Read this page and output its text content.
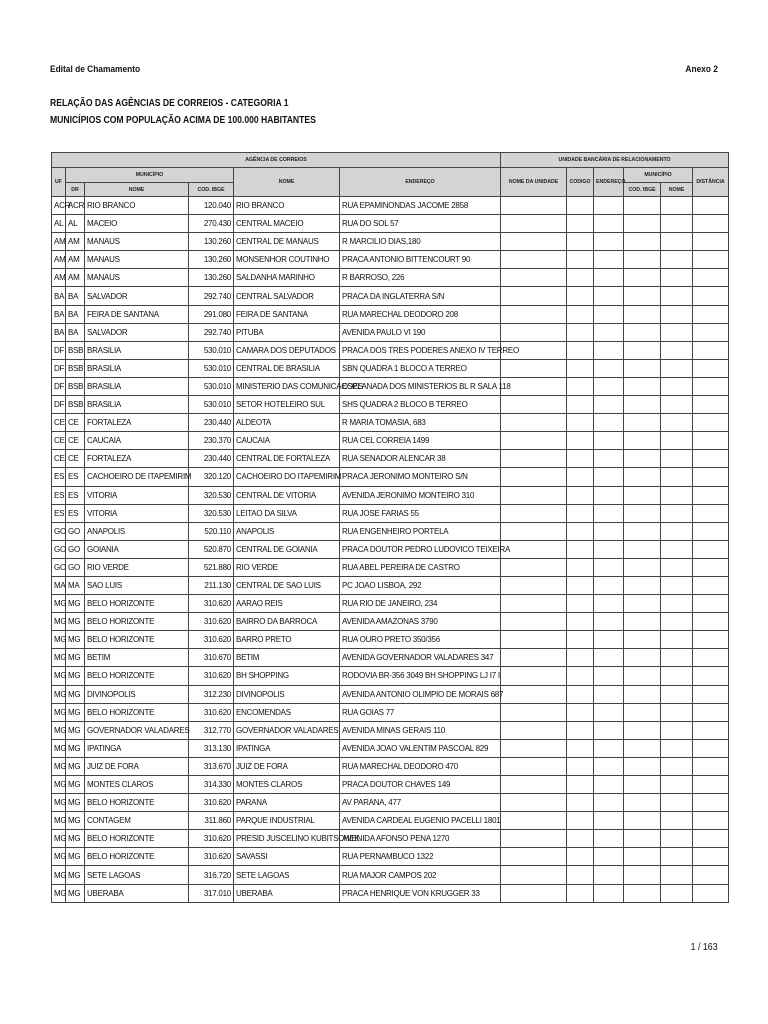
Edital de Chamamento	Anexo 2
RELAÇÃO DAS AGÊNCIAS DE CORREIOS - CATEGORIA 1
MUNICÍPIOS COM POPULAÇÃO ACIMA DE 100.000 HABITANTES
AGÊNCIA DE CORREIOS						UNIDADE BANCÁRIA DE RELACIONAMENTO					
UF	MUNICÍPIO			NOME	ENDEREÇO	NOME DA UNIDADE	CODIGO	ENDEREÇO	MUNICÍPIO		DISTÂNCIA
	DR	NOME	COD. IBGE						COD. IBGE	NOME	
ACR	ACR	RIO BRANCO	120.040	RIO BRANCO	RUA EPAMINONDAS JACOME 2858						
AL	AL	MACEIO	270.430	CENTRAL MACEIO	RUA DO SOL 57						
AM	AM	MANAUS	130.260	CENTRAL DE MANAUS	R MARCILIO DIAS,180						
AM	AM	MANAUS	130.260	MONSENHOR COUTINHO	PRACA ANTONIO BITTENCOURT 90						
AM	AM	MANAUS	130.260	SALDANHA MARINHO	R BARROSO, 226						
BA	BA	SALVADOR	292.740	CENTRAL SALVADOR	PRACA DA INGLATERRA S/N						
BA	BA	FEIRA DE SANTANA	291.080	FEIRA DE SANTANA	RUA MARECHAL DEODORO 208						
BA	BA	SALVADOR	292.740	PITUBA	AVENIDA PAULO VI 190						
DF	BSB	BRASILIA	530.010	CAMARA DOS DEPUTADOS	PRACA DOS TRES PODERES ANEXO IV TERREO						
DF	BSB	BRASILIA	530.010	CENTRAL DE BRASILIA	SBN QUADRA 1 BLOCO A TERREO						
DF	BSB	BRASILIA	530.010	MINISTERIO DAS COMUNICACOES	ESPLANADA DOS MINISTERIOS BL R SALA 118						
DF	BSB	BRASILIA	530.010	SETOR HOTELEIRO SUL	SHS QUADRA 2 BLOCO B TERREO						
CE	CE	FORTALEZA	230.440	ALDEOTA	R MARIA TOMASIA, 683						
CE	CE	CAUCAIA	230.370	CAUCAIA	RUA CEL CORREIA 1499						
CE	CE	FORTALEZA	230.440	CENTRAL DE FORTALEZA	RUA SENADOR ALENCAR 38						
ES	ES	CACHOEIRO DE ITAPEMIRIM	320.120	CACHOEIRO DO ITAPEMIRIM	PRACA JERONIMO MONTEIRO S/N						
ES	ES	VITORIA	320.530	CENTRAL DE VITORIA	AVENIDA JERONIMO MONTEIRO 310						
ES	ES	VITORIA	320.530	LEITAO DA SILVA	RUA JOSE FARIAS 55						
GO	GO	ANAPOLIS	520.110	ANAPOLIS	RUA ENGENHEIRO PORTELA						
GO	GO	GOIANIA	520.870	CENTRAL DE GOIANIA	PRACA DOUTOR PEDRO LUDOVICO TEIXEIRA						
GO	GO	RIO VERDE	521.880	RIO VERDE	RUA ABEL PEREIRA DE CASTRO						
MA	MA	SAO LUIS	211.130	CENTRAL DE SAO LUIS	PC JOAO LISBOA, 292						
MG	MG	BELO HORIZONTE	310.620	AARAO REIS	RUA RIO DE JANEIRO, 234						
MG	MG	BELO HORIZONTE	310.620	BAIRRO DA BARROCA	AVENIDA AMAZONAS 3790						
MG	MG	BELO HORIZONTE	310.620	BARRO PRETO	RUA OURO PRETO 350/356						
MG	MG	BETIM	310.670	BETIM	AVENIDA GOVERNADOR VALADARES 347						
MG	MG	BELO HORIZONTE	310.620	BH SHOPPING	RODOVIA BR-356 3049 BH SHOPPING LJ I7 I						
MG	MG	DIVINOPOLIS	312.230	DIVINOPOLIS	AVENIDA ANTONIO OLIMPIO DE MORAIS 687						
MG	MG	BELO HORIZONTE	310.620	ENCOMENDAS	RUA GOIAS 77						
MG	MG	GOVERNADOR VALADARES	312.770	GOVERNADOR VALADARES	AVENIDA MINAS GERAIS 110						
MG	MG	IPATINGA	313.130	IPATINGA	AVENIDA JOAO VALENTIM PASCOAL 829						
MG	MG	JUIZ DE FORA	313.670	JUIZ DE FORA	RUA MARECHAL DEODORO 470						
MG	MG	MONTES CLAROS	314.330	MONTES CLAROS	PRACA DOUTOR CHAVES 149						
MG	MG	BELO HORIZONTE	310.620	PARANA	AV PARANA, 477						
MG	MG	CONTAGEM	311.860	PARQUE INDUSTRIAL	AVENIDA CARDEAL EUGENIO PACELLI 1801						
MG	MG	BELO HORIZONTE	310.620	PRESID JUSCELINO KUBITSCHEK	AVENIDA AFONSO PENA 1270						
MG	MG	BELO HORIZONTE	310.620	SAVASSI	RUA PERNAMBUCO 1322						
MG	MG	SETE LAGOAS	316.720	SETE LAGOAS	RUA MAJOR CAMPOS 202						
MG	MG	UBERABA	317.010	UBERABA	PRACA HENRIQUE VON KRUGGER 33						
1 / 163
